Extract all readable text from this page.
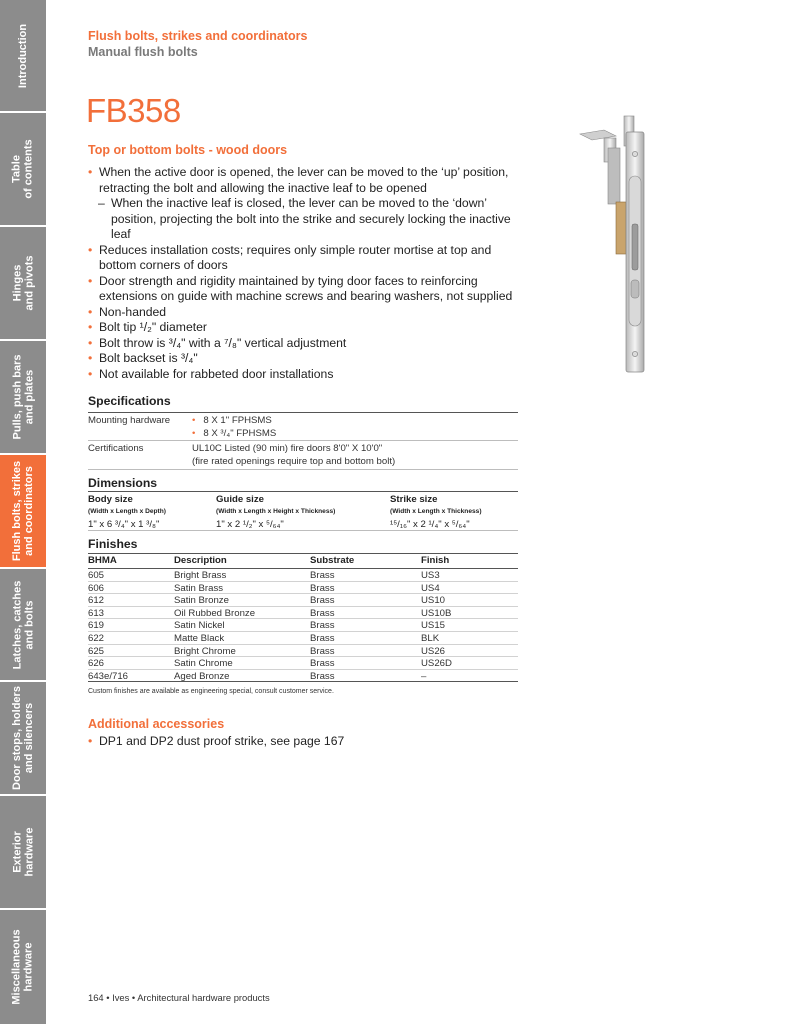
Introduction
Table
of contents
Hinges
and pivots
Pulls, push bars
and plates
Flush bolts, strikes
and coordinators
Latches, catches
and bolts
Door stops, holders
and silencers
Exterior
hardware
Miscellaneous
hardware
Flush bolts, strikes and coordinators
Manual flush bolts
FB358
Top or bottom bolts - wood doors
• When the active door is opened, the lever can be moved to the ‘up’ position, retracting the bolt and allowing the inactive leaf to be opened
– When the inactive leaf is closed, the lever can be moved to the ‘down’ position, projecting the bolt into the strike and securely locking the inactive leaf
• Reduces installation costs; requires only simple router mortise at top and bottom corners of doors
• Door strength and rigidity maintained by tying door faces to reinforcing extensions on guide with machine screws and bearing washers, not supplied
• Non-handed
• Bolt tip ¹/₂" diameter
• Bolt throw is ³/₄" with a ⁷/₈" vertical adjustment
• Bolt backset is ³/₄"
• Not available for rabbeted door installations
Specifications
Mounting hardware • 8 X 1" FPHSMS
• 8 X ³/₄" FPHSMS
Certifications	UL10C Listed (90 min) fire doors 8'0" X 10'0"
(fire rated openings require top and bottom bolt)
Dimensions
Body size
(Width x Length x Depth)
1" x 6 ³/₄" x 1 ³/₈"
Guide size
(Width x Length x Height x Thickness)
1" x 2 ¹/₂" x ⁵/₆₄"
Strike size
(Width x Length x Thickness)
¹⁵/₁₆" x 2 ¹/₄" x ⁵/₆₄"
Finishes
BHMA	Description	Substrate	Finish
605	Bright Brass	Brass	US3
606	Satin Brass	Brass	US4
612	Satin Bronze	Brass	US10
613	Oil Rubbed Bronze	Brass	US10B
619	Satin Nickel	Brass	US15
622	Matte Black	Brass	BLK
625	Bright Chrome	Brass	US26
626	Satin Chrome	Brass	US26D
643e/716	Aged Bronze	Brass	–
Custom finishes are available as engineering special, consult customer service.
Additional accessories
• DP1 and DP2 dust proof strike, see page 167
164 • Ives • Architectural hardware products
